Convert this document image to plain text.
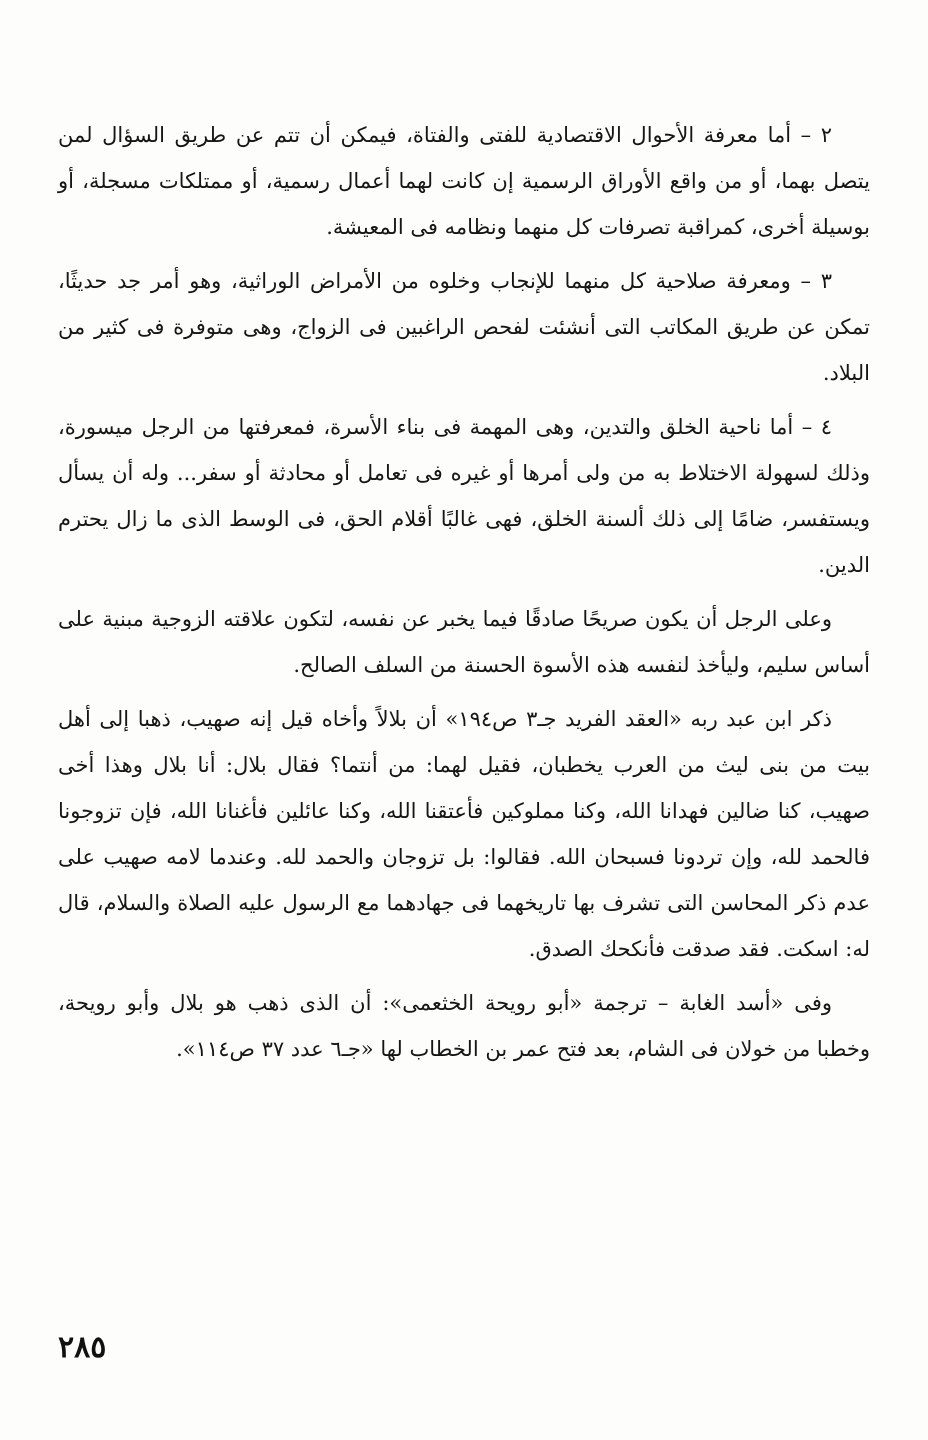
٢ – أما معرفة الأحوال الاقتصادية للفتى والفتاة، فيمكن أن تتم عن طريق السؤال لمن يتصل بهما، أو من واقع الأوراق الرسمية إن كانت لهما أعمال رسمية، أو ممتلكات مسجلة، أو بوسيلة أخرى، كمراقبة تصرفات كل منهما ونظامه فى المعيشة.

٣ – ومعرفة صلاحية كل منهما للإنجاب وخلوه من الأمراض الوراثية، وهو أمر جد حديثًا، تمكن عن طريق المكاتب التى أنشئت لفحص الراغبين فى الزواج، وهى متوفرة فى كثير من البلاد.

٤ – أما ناحية الخلق والتدين، وهى المهمة فى بناء الأسرة، فمعرفتها من الرجل ميسورة، وذلك لسهولة الاختلاط به من ولى أمرها أو غيره فى تعامل أو محادثة أو سفر... وله أن يسأل ويستفسر، ضامًا إلى ذلك ألسنة الخلق، فهى غالبًا أقلام الحق، فى الوسط الذى ما زال يحترم الدين.

وعلى الرجل أن يكون صريحًا صادقًا فيما يخبر عن نفسه، لتكون علاقته الزوجية مبنية على أساس سليم، وليأخذ لنفسه هذه الأسوة الحسنة من السلف الصالح.

ذكر ابن عبد ربه «العقد الفريد جـ٣ ص١٩٤» أن بلالاً وأخاه قيل إنه صهيب، ذهبا إلى أهل بيت من بنى ليث من العرب يخطبان، فقيل لهما: من أنتما؟ فقال بلال: أنا بلال وهذا أخى صهيب، كنا ضالين فهدانا الله، وكنا مملوكين فأعتقنا الله، وكنا عائلين فأغنانا الله، فإن تزوجونا فالحمد لله، وإن تردونا فسبحان الله. فقالوا: بل تزوجان والحمد لله. وعندما لامه صهيب على عدم ذكر المحاسن التى تشرف بها تاريخهما فى جهادهما مع الرسول عليه الصلاة والسلام، قال له: اسكت. فقد صدقت فأنكحك الصدق.

وفى «أسد الغابة – ترجمة «أبو رويحة الخثعمى»: أن الذى ذهب هو بلال وأبو رويحة، وخطبا من خولان فى الشام، بعد فتح عمر بن الخطاب لها «جـ٦ عدد ٣٧ ص١١٤».

٢٨٥
